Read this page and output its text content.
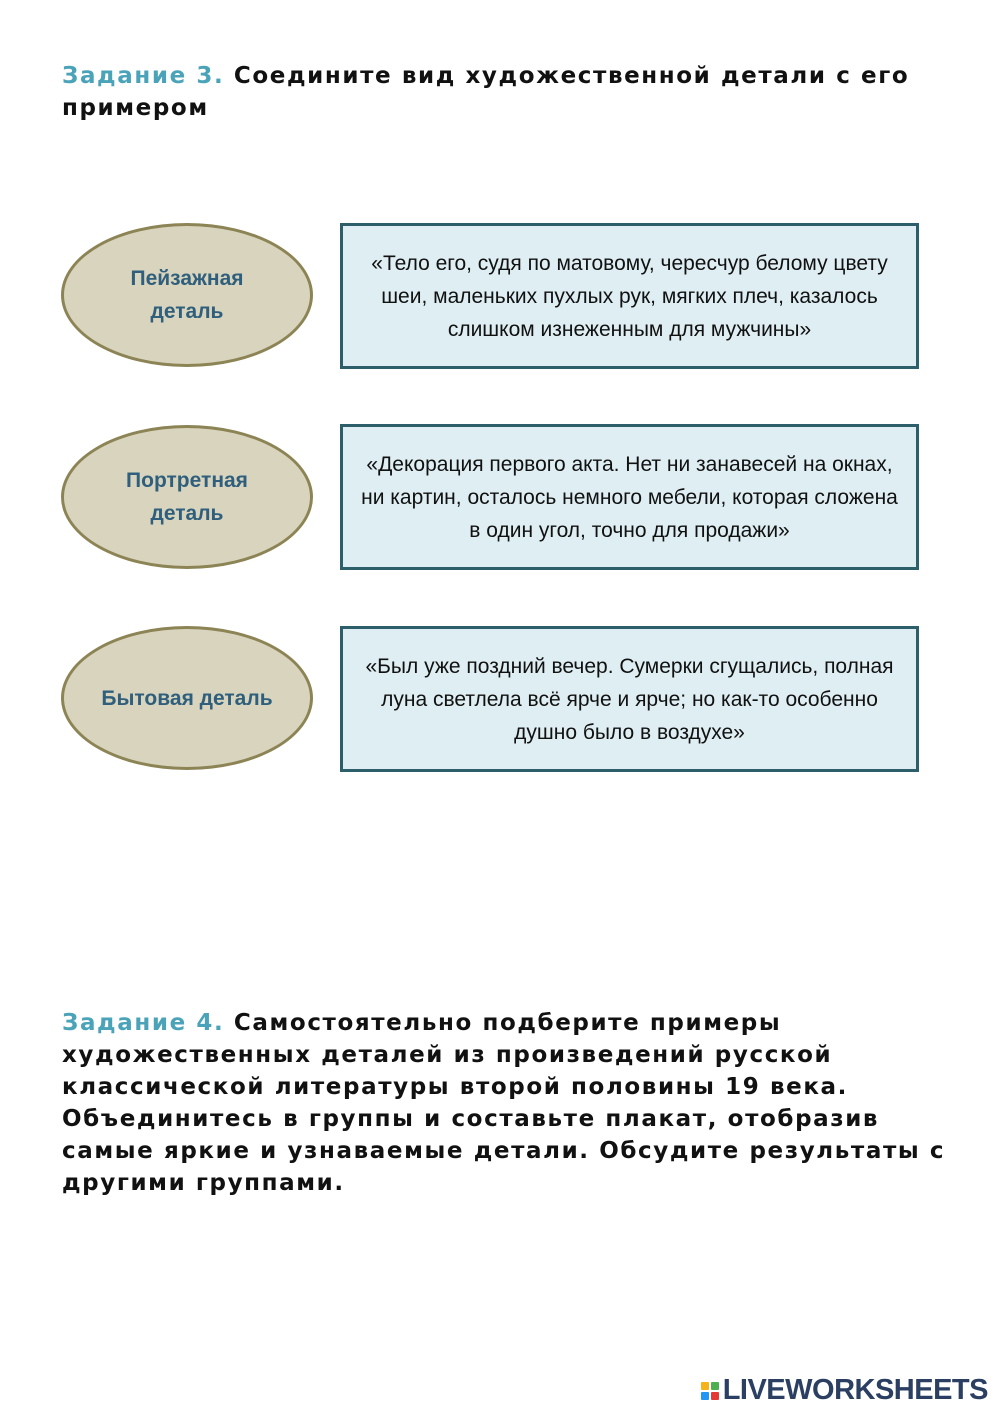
Задание 3. Соедините вид художественной детали с его примером
Пейзажная деталь
«Тело его, судя по матовому, чересчур белому цвету шеи, маленьких пухлых рук, мягких плеч, казалось слишком изнеженным для мужчины»
Портретная деталь
«Декорация первого акта. Нет ни занавесей на окнах, ни картин, осталось немного мебели, которая сложена в один угол, точно для продажи»
Бытовая деталь
«Был уже поздний вечер. Сумерки сгущались, полная луна светлела всё ярче и ярче; но как-то особенно душно было в воздухе»
Задание 4. Самостоятельно подберите примеры художественных деталей из произведений русской классической литературы второй половины 19 века. Объединитесь в группы и составьте плакат, отобразив самые яркие и узнаваемые детали. Обсудите результаты с другими группами.
LIVEWORKSHEETS
